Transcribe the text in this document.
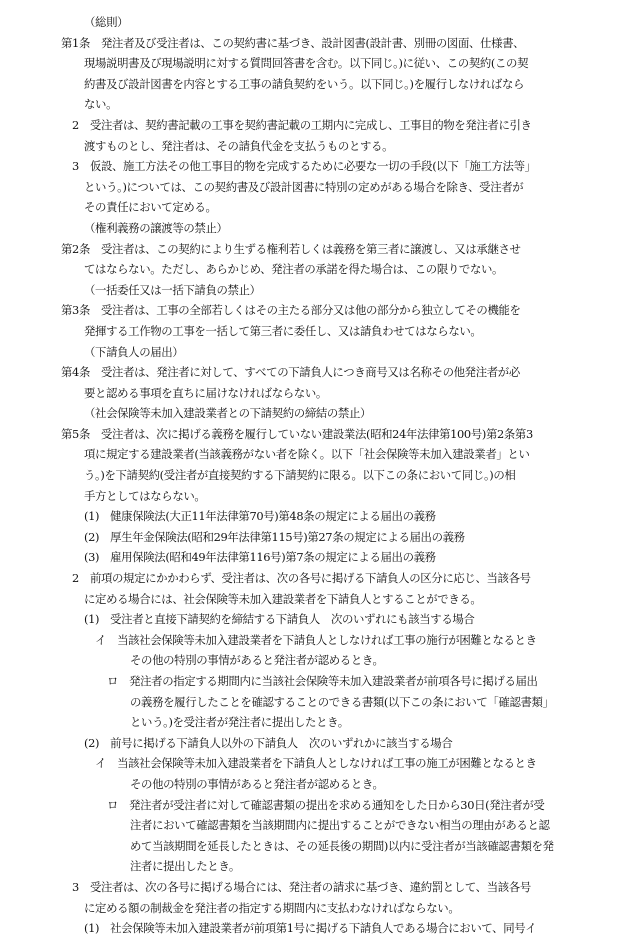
（総則）
第1条　発注者及び受注者は、この契約書に基づき、設計図書(設計書、別冊の図面、仕様書、
現場説明書及び現場説明に対する質問回答書を含む。以下同じ。)に従い、この契約(この契
約書及び設計図書を内容とする工事の請負契約をいう。以下同じ。)を履行しなければなら
ない。
2　受注者は、契約書記載の工事を契約書記載の工期内に完成し、工事目的物を発注者に引き
渡すものとし、発注者は、その請負代金を支払うものとする。
3　仮設、施工方法その他工事目的物を完成するために必要な一切の手段(以下「施工方法等」
という。)については、この契約書及び設計図書に特別の定めがある場合を除き、受注者が
その責任において定める。
（権利義務の譲渡等の禁止）
第2条　受注者は、この契約により生ずる権利若しくは義務を第三者に譲渡し、又は承継させ
てはならない。ただし、あらかじめ、発注者の承諾を得た場合は、この限りでない。
（一括委任又は一括下請負の禁止）
第3条　受注者は、工事の全部若しくはその主たる部分又は他の部分から独立してその機能を
発揮する工作物の工事を一括して第三者に委任し、又は請負わせてはならない。
（下請負人の届出）
第4条　受注者は、発注者に対して、すべての下請負人につき商号又は名称その他発注者が必
要と認める事項を直ちに届けなければならない。
（社会保険等未加入建設業者との下請契約の締結の禁止）
第5条　受注者は、次に掲げる義務を履行していない建設業法(昭和24年法律第100号)第2条第3
項に規定する建設業者(当該義務がない者を除く。以下「社会保険等未加入建設業者」とい
う。)を下請契約(受注者が直接契約する下請契約に限る。以下この条において同じ。)の相
手方としてはならない。
(1)　健康保険法(大正11年法律第70号)第48条の規定による届出の義務
(2)　厚生年金保険法(昭和29年法律第115号)第27条の規定による届出の義務
(3)　雇用保険法(昭和49年法律第116号)第7条の規定による届出の義務
2　前項の規定にかかわらず、受注者は、次の各号に掲げる下請負人の区分に応じ、当該各号
に定める場合には、社会保険等未加入建設業者を下請負人とすることができる。
(1)　受注者と直接下請契約を締結する下請負人　次のいずれにも該当する場合
イ　当該社会保険等未加入建設業者を下請負人としなければ工事の施行が困難となるとき
その他の特別の事情があると発注者が認めるとき。
ロ　発注者の指定する期間内に当該社会保険等未加入建設業者が前項各号に掲げる届出
の義務を履行したことを確認することのできる書類(以下この条において「確認書類」
という。)を受注者が発注者に提出したとき。
(2)　前号に掲げる下請負人以外の下請負人　次のいずれかに該当する場合
イ　当該社会保険等未加入建設業者を下請負人としなければ工事の施工が困難となるとき
その他の特別の事情があると発注者が認めるとき。
ロ　発注者が受注者に対して確認書類の提出を求める通知をした日から30日(発注者が受
注者において確認書類を当該期間内に提出することができない相当の理由があると認
めて当該期間を延長したときは、その延長後の期間)以内に受注者が当該確認書類を発
注者に提出したとき。
3　受注者は、次の各号に掲げる場合には、発注者の請求に基づき、違約罰として、当該各号
に定める額の制裁金を発注者の指定する期間内に支払わなければならない。
(1)　社会保険等未加入建設業者が前項第1号に掲げる下請負人である場合において、同号イ
